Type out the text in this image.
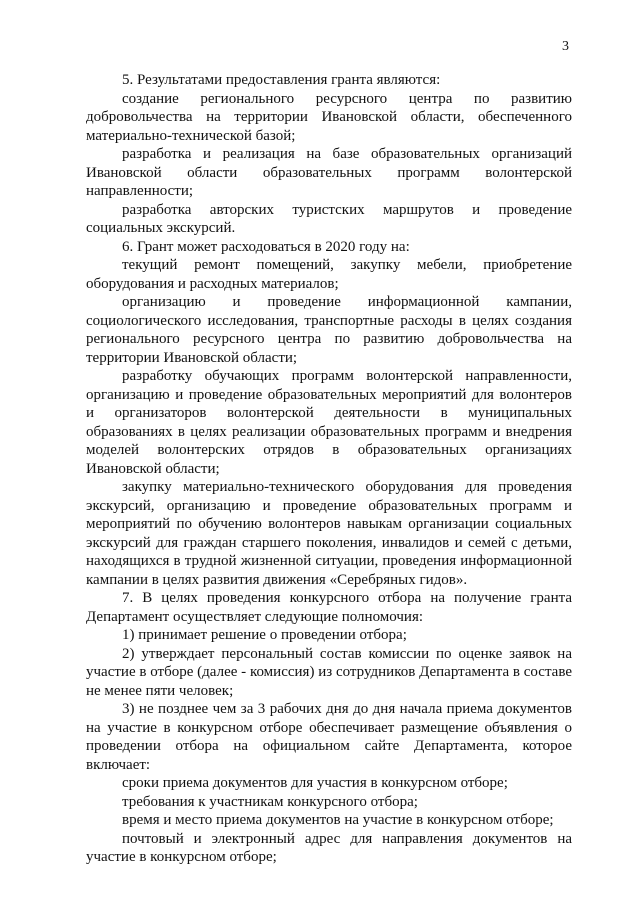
3

5. Результатами предоставления гранта являются:

создание регионального ресурсного центра по развитию добровольчества на территории Ивановской области, обеспеченного материально-технической базой;

разработка и реализация на базе образовательных организаций Ивановской области образовательных программ волонтерской направленности;

разработка авторских туристских маршрутов и проведение социальных экскурсий.

6. Грант может расходоваться в 2020 году на:

текущий ремонт помещений, закупку мебели, приобретение оборудования и расходных материалов;

организацию и проведение информационной кампании, социологического исследования, транспортные расходы в целях создания регионального ресурсного центра по развитию добровольчества на территории Ивановской области;

разработку обучающих программ волонтерской направленности, организацию и проведение образовательных мероприятий для волонтеров и организаторов волонтерской деятельности в муниципальных образованиях в целях реализации образовательных программ и внедрения моделей волонтерских отрядов в образовательных организациях Ивановской области;

закупку материально-технического оборудования для проведения экскурсий, организацию и проведение образовательных программ и мероприятий по обучению волонтеров навыкам организации социальных экскурсий для граждан старшего поколения, инвалидов и семей с детьми, находящихся в трудной жизненной ситуации, проведения информационной кампании в целях развития движения «Серебряных гидов».

7. В целях проведения конкурсного отбора на получение гранта Департамент осуществляет следующие полномочия:

1) принимает решение о проведении отбора;

2) утверждает персональный состав комиссии по оценке заявок на участие в отборе (далее - комиссия) из сотрудников Департамента в составе не менее пяти человек;

3) не позднее чем за 3 рабочих дня до дня начала приема документов на участие в конкурсном отборе обеспечивает размещение объявления о проведении отбора на официальном сайте Департамента, которое включает:

сроки приема документов для участия в конкурсном отборе;

требования к участникам конкурсного отбора;

время и место приема документов на участие в конкурсном отборе;

почтовый и электронный адрес для направления документов на участие в конкурсном отборе;
